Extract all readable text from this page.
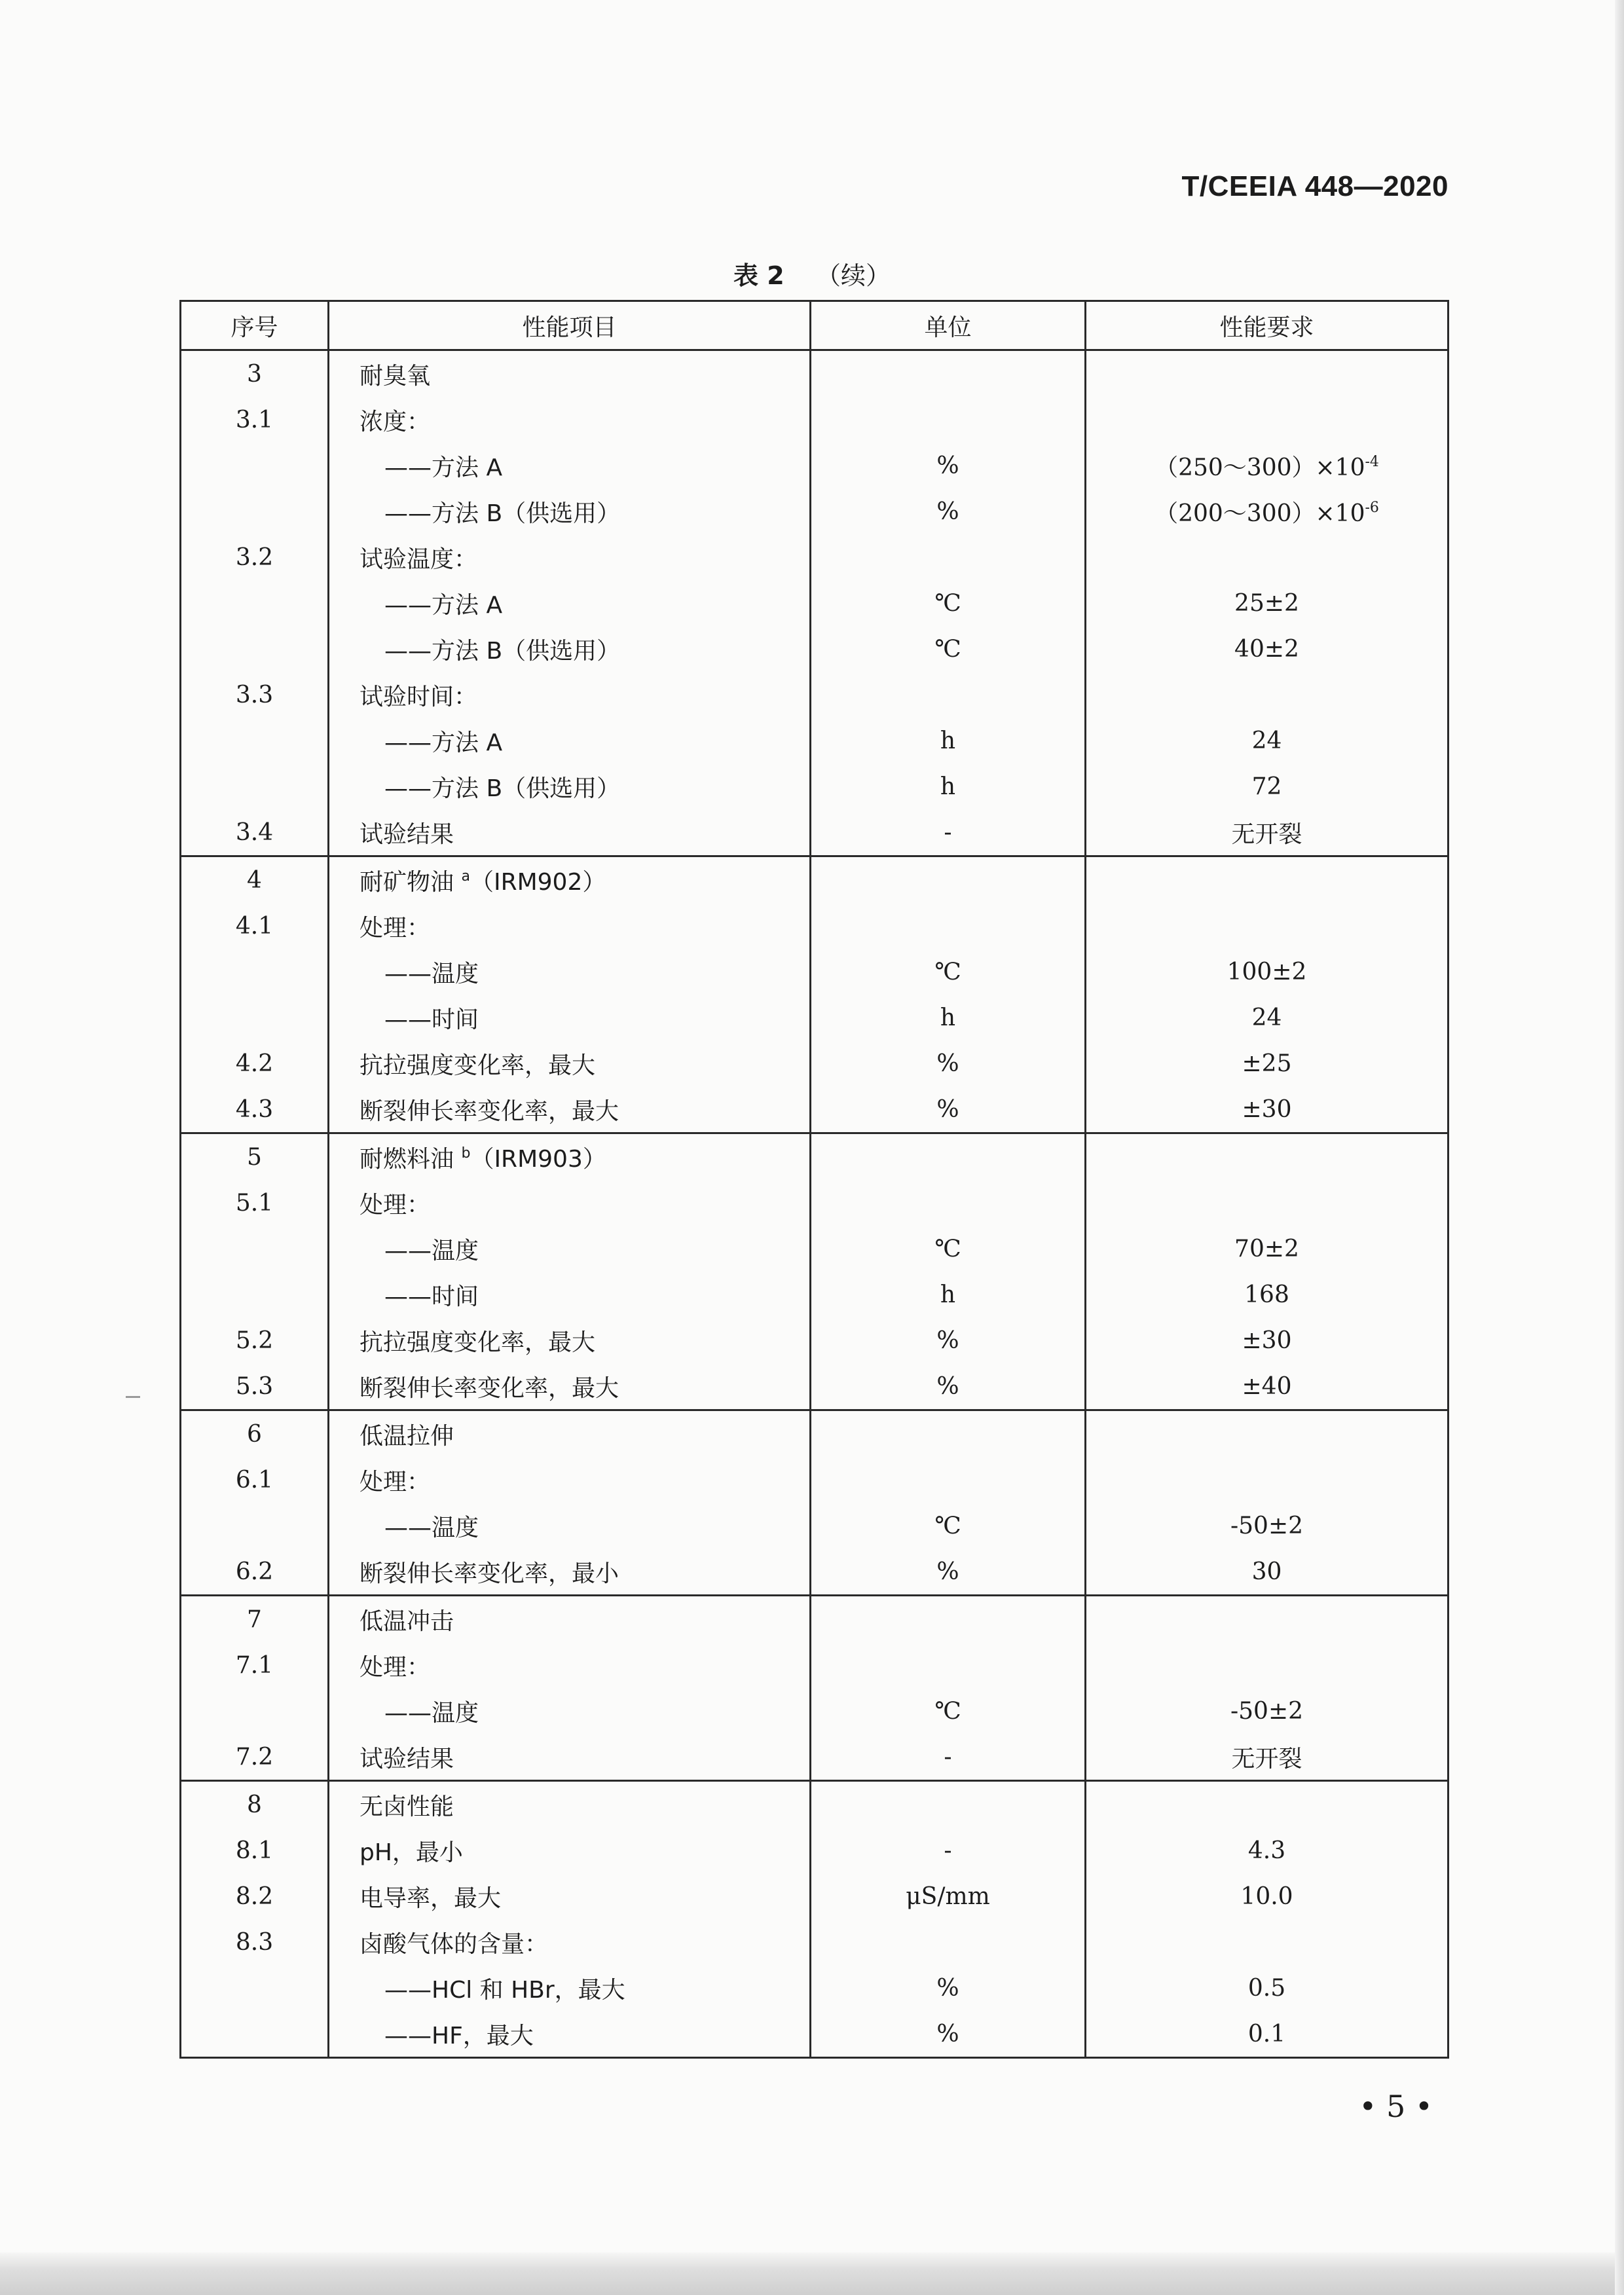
T/CEEIA 448—2020
表 2 （续）
序号	性能项目	单位	性能要求
3	耐臭氧		
3.1	浓度：		
	——方法 A	%	$(250\sim 300)\times 10^{-4}$
	——方法 B（供选用）	%	$(200\sim 300)\times 10^{-6}$
3.2	试验温度：		
	——方法 A	℃	25±2
	——方法 B（供选用）	℃	40±2
3.3	试验时间：		
	——方法 A	h	24
	——方法 B（供选用）	h	72
3.4	试验结果	-	无开裂
4	耐矿物油 $^a$（IRM902）		
4.1	处理：		
	——温度	℃	100±2
	——时间	h	24
4.2	抗拉强度变化率，最大	%	±25
4.3	断裂伸长率变化率，最大	%	±30
5	耐燃料油 $^b$（IRM903）		
5.1	处理：		
	——温度	℃	70±2
	——时间	h	168
5.2	抗拉强度变化率，最大	%	±30
5.3	断裂伸长率变化率，最大	%	±40
6	低温拉伸		
6.1	处理：		
	——温度	℃	-50±2
6.2	断裂伸长率变化率，最小	%	30
7	低温冲击		
7.1	处理：		
	——温度	℃	-50±2
7.2	试验结果	-	无开裂
8	无卤性能		
8.1	pH，最小	-	4.3
8.2	电导率，最大	μS/mm	10.0
8.3	卤酸气体的含量：		
	——HCl 和 HBr，最大	%	0.5
	——HF，最大	%	0.1
• 5 •
